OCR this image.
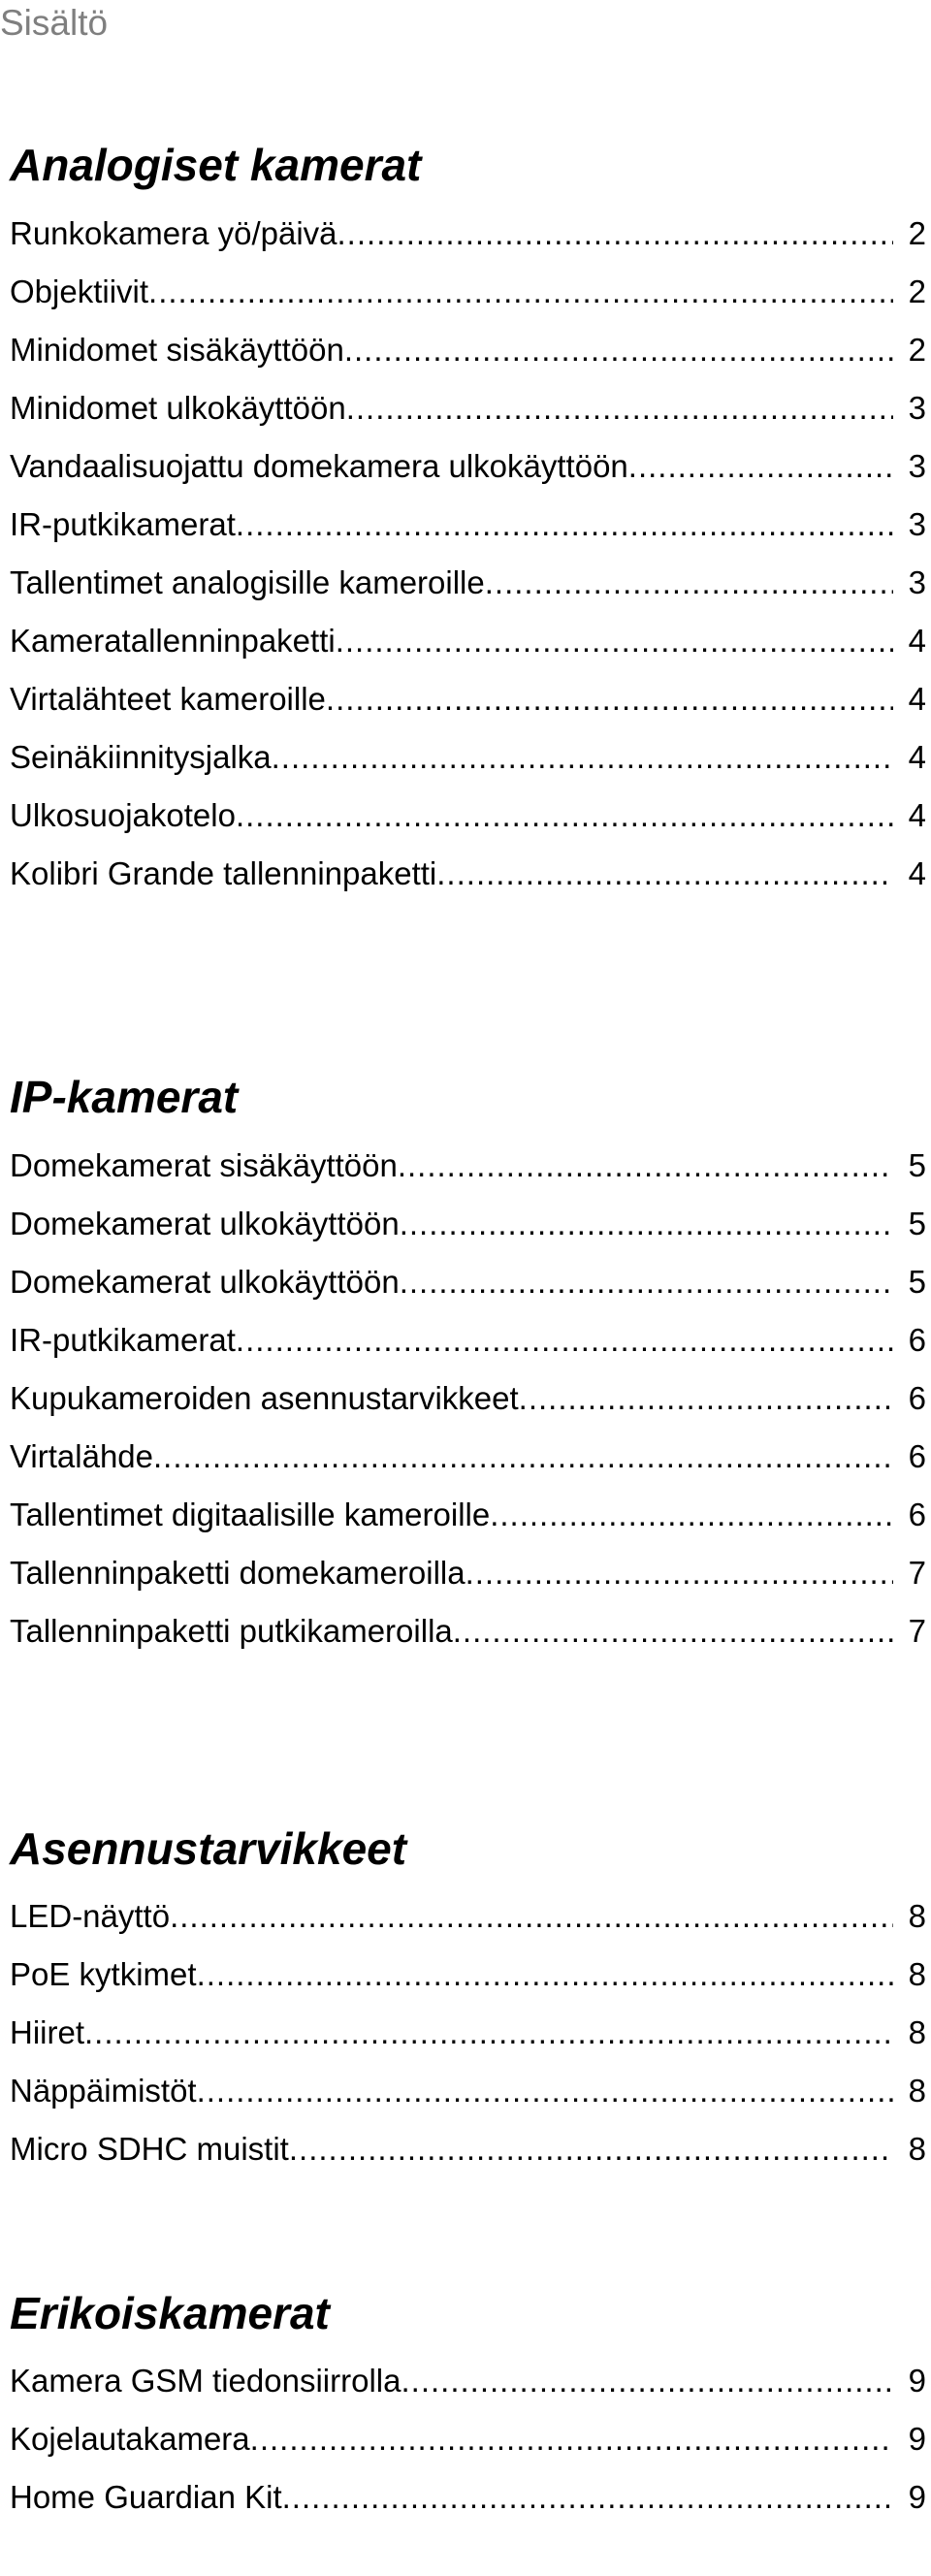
Sisältö
Analogiset kamerat
Runkokamera yö/päivä .....	2
Objektiivit .....	2
Minidomet sisäkäyttöön .....	2
Minidomet ulkokäyttöön .....	3
Vandaalisuojattu domekamera ulkokäyttöön .....	3
IR-putkikamerat .....	3
Tallentimet analogisille kameroille .....	3
Kameratallenninpaketti .....	4
Virtalähteet kameroille .....	4
Seinäkiinnitysjalka .....	4
Ulkosuojakotelo .....	4
Kolibri Grande tallenninpaketti .....	4
IP-kamerat
Domekamerat sisäkäyttöön .....	5
Domekamerat ulkokäyttöön .....	5
Domekamerat ulkokäyttöön .....	5
IR-putkikamerat .....	6
Kupukameroiden asennustarvikkeet .....	6
Virtalähde .....	6
Tallentimet digitaalisille kameroille .....	6
Tallenninpaketti domekameroilla .....	7
Tallenninpaketti putkikameroilla .....	7
Asennustarvikkeet
LED-näyttö .....	8
PoE kytkimet .....	8
Hiiret .....	8
Näppäimistöt .....	8
Micro SDHC muistit .....	8
Erikoiskamerat
Kamera GSM tiedonsiirrolla .....	9
Kojelautakamera .....	9
Home Guardian Kit .....	9
